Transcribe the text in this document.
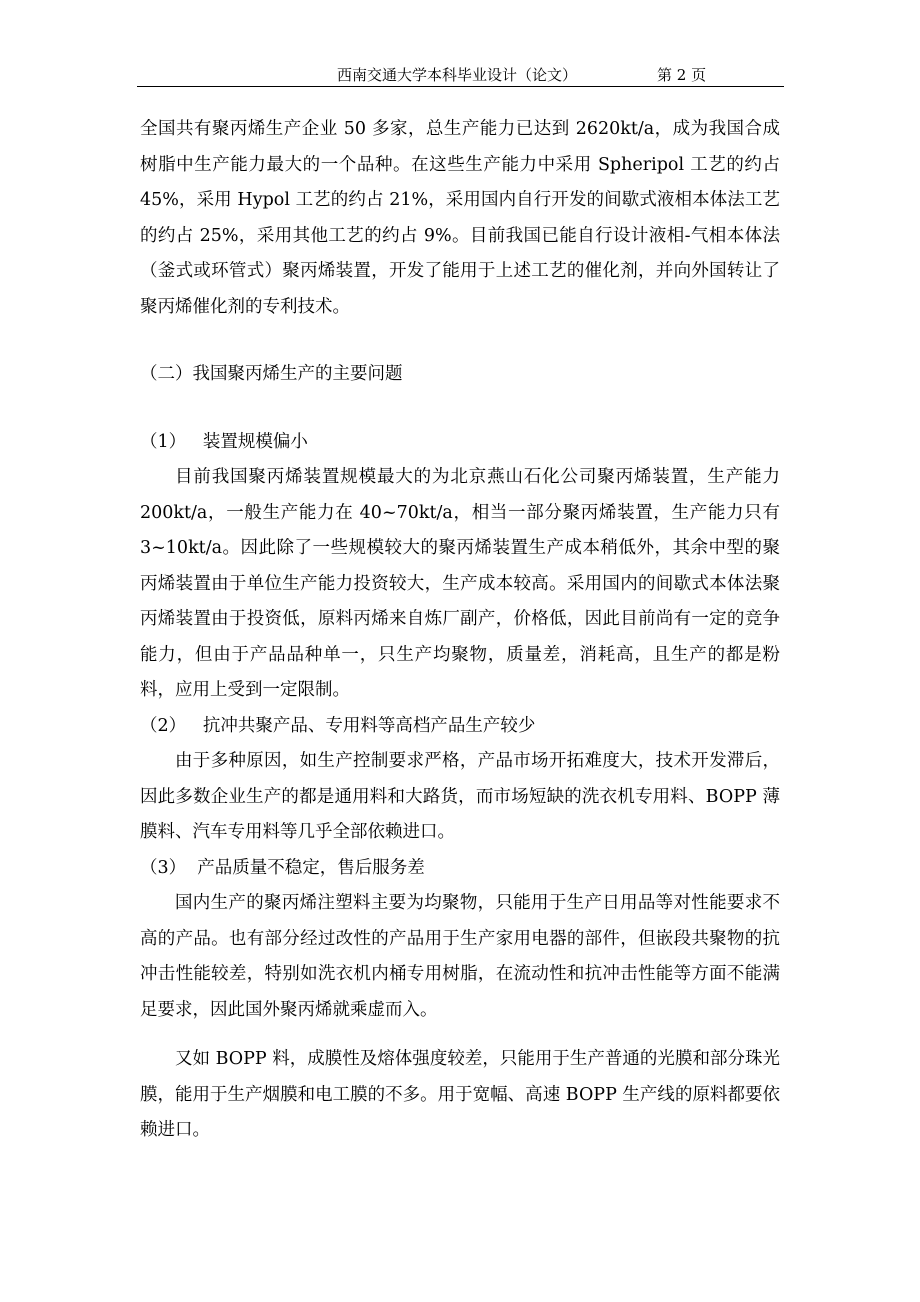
西南交通大学本科毕业设计（论文）	第 2 页

全国共有聚丙烯生产企业 50 多家，总生产能力已达到 2620kt/a，成为我国合成树脂中生产能力最大的一个品种。在这些生产能力中采用 Spheripol 工艺的约占 45%，采用 Hypol 工艺的约占 21%，采用国内自行开发的间歇式液相本体法工艺的约占 25%，采用其他工艺的约占 9%。目前我国已能自行设计液相-气相本体法（釜式或环管式）聚丙烯装置，开发了能用于上述工艺的催化剂，并向外国转让了聚丙烯催化剂的专利技术。

（二）我国聚丙烯生产的主要问题

（1）   装置规模偏小

目前我国聚丙烯装置规模最大的为北京燕山石化公司聚丙烯装置，生产能力 200kt/a，一般生产能力在 40~70kt/a，相当一部分聚丙烯装置，生产能力只有 3~10kt/a。因此除了一些规模较大的聚丙烯装置生产成本稍低外，其余中型的聚丙烯装置由于单位生产能力投资较大，生产成本较高。采用国内的间歇式本体法聚丙烯装置由于投资低，原料丙烯来自炼厂副产，价格低，因此目前尚有一定的竞争能力，但由于产品品种单一，只生产均聚物，质量差，消耗高，且生产的都是粉料，应用上受到一定限制。

（2）   抗冲共聚产品、专用料等高档产品生产较少

由于多种原因，如生产控制要求严格，产品市场开拓难度大，技术开发滞后，因此多数企业生产的都是通用料和大路货，而市场短缺的洗衣机专用料、BOPP 薄膜料、汽车专用料等几乎全部依赖进口。

（3）  产品质量不稳定，售后服务差

国内生产的聚丙烯注塑料主要为均聚物，只能用于生产日用品等对性能要求不高的产品。也有部分经过改性的产品用于生产家用电器的部件，但嵌段共聚物的抗冲击性能较差，特别如洗衣机内桶专用树脂，在流动性和抗冲击性能等方面不能满足要求，因此国外聚丙烯就乘虚而入。

又如 BOPP 料，成膜性及熔体强度较差，只能用于生产普通的光膜和部分珠光膜，能用于生产烟膜和电工膜的不多。用于宽幅、高速 BOPP 生产线的原料都要依赖进口。
